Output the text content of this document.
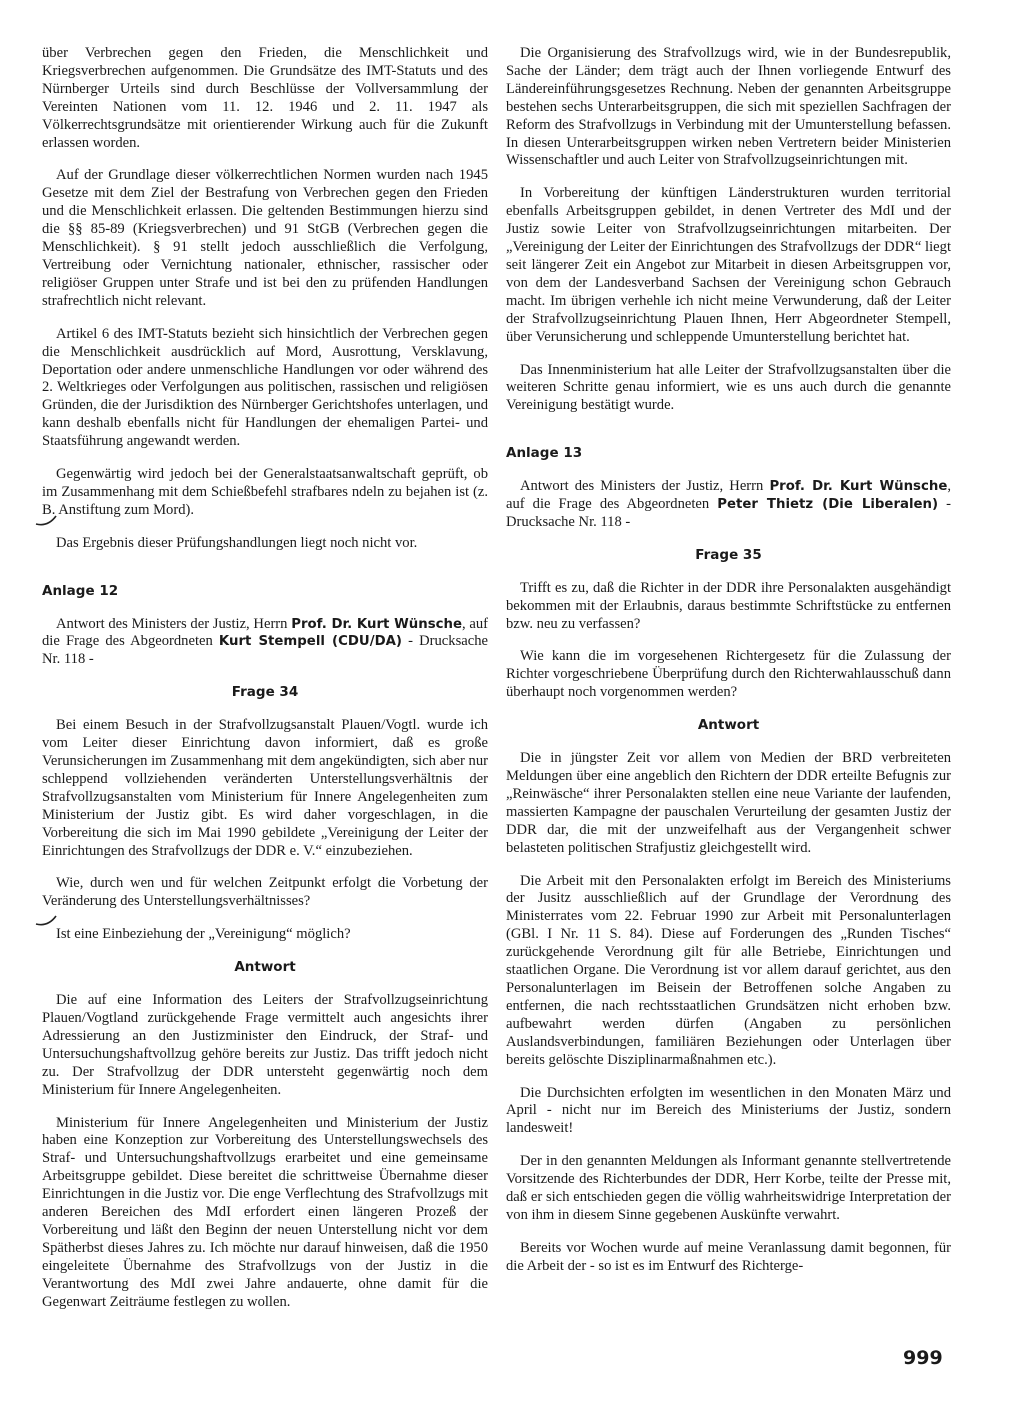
über Verbrechen gegen den Frieden, die Menschlichkeit und Kriegsverbrechen aufgenommen. Die Grundsätze des IMT-Statuts und des Nürnberger Urteils sind durch Beschlüsse der Vollversammlung der Vereinten Nationen vom 11. 12. 1946 und 2. 11. 1947 als Völkerrechtsgrundsätze mit orientierender Wirkung auch für die Zukunft erlassen worden.

Auf der Grundlage dieser völkerrechtlichen Normen wurden nach 1945 Gesetze mit dem Ziel der Bestrafung von Verbrechen gegen den Frieden und die Menschlichkeit erlassen. Die geltenden Bestimmungen hierzu sind die §§ 85-89 (Kriegsverbrechen) und 91 StGB (Verbrechen gegen die Menschlichkeit). § 91 stellt jedoch ausschließlich die Verfolgung, Vertreibung oder Vernichtung nationaler, ethnischer, rassischer oder religiöser Gruppen unter Strafe und ist bei den zu prüfenden Handlungen strafrechtlich nicht relevant.

Artikel 6 des IMT-Statuts bezieht sich hinsichtlich der Verbrechen gegen die Menschlichkeit ausdrücklich auf Mord, Ausrottung, Versklavung, Deportation oder andere unmenschliche Handlungen vor oder während des 2. Weltkrieges oder Verfolgungen aus politischen, rassischen und religiösen Gründen, die der Jurisdiktion des Nürnberger Gerichtshofes unterlagen, und kann deshalb ebenfalls nicht für Handlungen der ehemaligen Partei- und Staatsführung angewandt werden.

Gegenwärtig wird jedoch bei der Generalstaatsanwaltschaft geprüft, ob im Zusammenhang mit dem Schießbefehl strafbares ndeln zu bejahen ist (z. B. Anstiftung zum Mord).

Das Ergebnis dieser Prüfungshandlungen liegt noch nicht vor.

Anlage 12

Antwort des Ministers der Justiz, Herrn Prof. Dr. Kurt Wünsche, auf die Frage des Abgeordneten Kurt Stempell (CDU/DA) - Drucksache Nr. 118 -

Frage 34

Bei einem Besuch in der Strafvollzugsanstalt Plauen/Vogtl. wurde ich vom Leiter dieser Einrichtung davon informiert, daß es große Verunsicherungen im Zusammenhang mit dem angekündigten, sich aber nur schleppend vollziehenden veränderten Unterstellungsverhältnis der Strafvollzugsanstalten vom Ministerium für Innere Angelegenheiten zum Ministerium der Justiz gibt. Es wird daher vorgeschlagen, in die Vorbereitung die sich im Mai 1990 gebildete „Vereinigung der Leiter der Einrichtungen des Strafvollzugs der DDR e. V.“ einzubeziehen.

Wie, durch wen und für welchen Zeitpunkt erfolgt die Vorbetung der Veränderung des Unterstellungsverhältnisses?

Ist eine Einbeziehung der „Vereinigung“ möglich?

Antwort

Die auf eine Information des Leiters der Strafvollzugseinrichtung Plauen/Vogtland zurückgehende Frage vermittelt auch angesichts ihrer Adressierung an den Justizminister den Eindruck, der Straf- und Untersuchungshaftvollzug gehöre bereits zur Justiz. Das trifft jedoch nicht zu. Der Strafvollzug der DDR untersteht gegenwärtig noch dem Ministerium für Innere Angelegenheiten.

Ministerium für Innere Angelegenheiten und Ministerium der Justiz haben eine Konzeption zur Vorbereitung des Unterstellungswechsels des Straf- und Untersuchungshaftvollzugs erarbeitet und eine gemeinsame Arbeitsgruppe gebildet. Diese bereitet die schrittweise Übernahme dieser Einrichtungen in die Justiz vor. Die enge Verflechtung des Strafvollzugs mit anderen Bereichen des MdI erfordert einen längeren Prozeß der Vorbereitung und läßt den Beginn der neuen Unterstellung nicht vor dem Spätherbst dieses Jahres zu. Ich möchte nur darauf hinweisen, daß die 1950 eingeleitete Übernahme des Strafvollzugs von der Justiz in die Verantwortung des MdI zwei Jahre andauerte, ohne damit für die Gegenwart Zeiträume festlegen zu wollen.

Die Organisierung des Strafvollzugs wird, wie in der Bundesrepublik, Sache der Länder; dem trägt auch der Ihnen vorliegende Entwurf des Ländereinführungsgesetzes Rechnung. Neben der genannten Arbeitsgruppe bestehen sechs Unterarbeitsgruppen, die sich mit speziellen Sachfragen der Reform des Strafvollzugs in Verbindung mit der Umunterstellung befassen. In diesen Unterarbeitsgruppen wirken neben Vertretern beider Ministerien Wissenschaftler und auch Leiter von Strafvollzugseinrichtungen mit.

In Vorbereitung der künftigen Länderstrukturen wurden territorial ebenfalls Arbeitsgruppen gebildet, in denen Vertreter des MdI und der Justiz sowie Leiter von Strafvollzugseinrichtungen mitarbeiten. Der „Vereinigung der Leiter der Einrichtungen des Strafvollzugs der DDR“ liegt seit längerer Zeit ein Angebot zur Mitarbeit in diesen Arbeitsgruppen vor, von dem der Landesverband Sachsen der Vereinigung schon Gebrauch macht. Im übrigen verhehle ich nicht meine Verwunderung, daß der Leiter der Strafvollzugseinrichtung Plauen Ihnen, Herr Abgeordneter Stempell, über Verunsicherung und schleppende Umunterstellung berichtet hat.

Das Innenministerium hat alle Leiter der Strafvollzugsanstalten über die weiteren Schritte genau informiert, wie es uns auch durch die genannte Vereinigung bestätigt wurde.

Anlage 13

Antwort des Ministers der Justiz, Herrn Prof. Dr. Kurt Wünsche, auf die Frage des Abgeordneten Peter Thietz (Die Liberalen) - Drucksache Nr. 118 -

Frage 35

Trifft es zu, daß die Richter in der DDR ihre Personalakten ausgehändigt bekommen mit der Erlaubnis, daraus bestimmte Schriftstücke zu entfernen bzw. neu zu verfassen?

Wie kann die im vorgesehenen Richtergesetz für die Zulassung der Richter vorgeschriebene Überprüfung durch den Richterwahlausschuß dann überhaupt noch vorgenommen werden?

Antwort

Die in jüngster Zeit vor allem von Medien der BRD verbreiteten Meldungen über eine angeblich den Richtern der DDR erteilte Befugnis zur „Reinwäsche“ ihrer Personalakten stellen eine neue Variante der laufenden, massierten Kampagne der pauschalen Verurteilung der gesamten Justiz der DDR dar, die mit der unzweifelhaft aus der Vergangenheit schwer belasteten politischen Strafjustiz gleichgestellt wird.

Die Arbeit mit den Personalakten erfolgt im Bereich des Ministeriums der Jusitz ausschließlich auf der Grundlage der Verordnung des Ministerrates vom 22. Februar 1990 zur Arbeit mit Personalunterlagen (GBl. I Nr. 11 S. 84). Diese auf Forderungen des „Runden Tisches“ zurückgehende Verordnung gilt für alle Betriebe, Einrichtungen und staatlichen Organe. Die Verordnung ist vor allem darauf gerichtet, aus den Personalunterlagen im Beisein der Betroffenen solche Angaben zu entfernen, die nach rechtsstaatlichen Grundsätzen nicht erhoben bzw. aufbewahrt werden dürfen (Angaben zu persönlichen Auslandsverbindungen, familiären Beziehungen oder Unterlagen über bereits gelöschte Disziplinarmaßnahmen etc.).

Die Durchsichten erfolgten im wesentlichen in den Monaten März und April - nicht nur im Bereich des Ministeriums der Justiz, sondern landesweit!

Der in den genannten Meldungen als Informant genannte stellvertretende Vorsitzende des Richterbundes der DDR, Herr Korbe, teilte der Presse mit, daß er sich entschieden gegen die völlig wahrheitswidrige Interpretation der von ihm in diesem Sinne gegebenen Auskünfte verwahrt.

Bereits vor Wochen wurde auf meine Veranlassung damit begonnen, für die Arbeit der - so ist es im Entwurf des Richterge-

999
